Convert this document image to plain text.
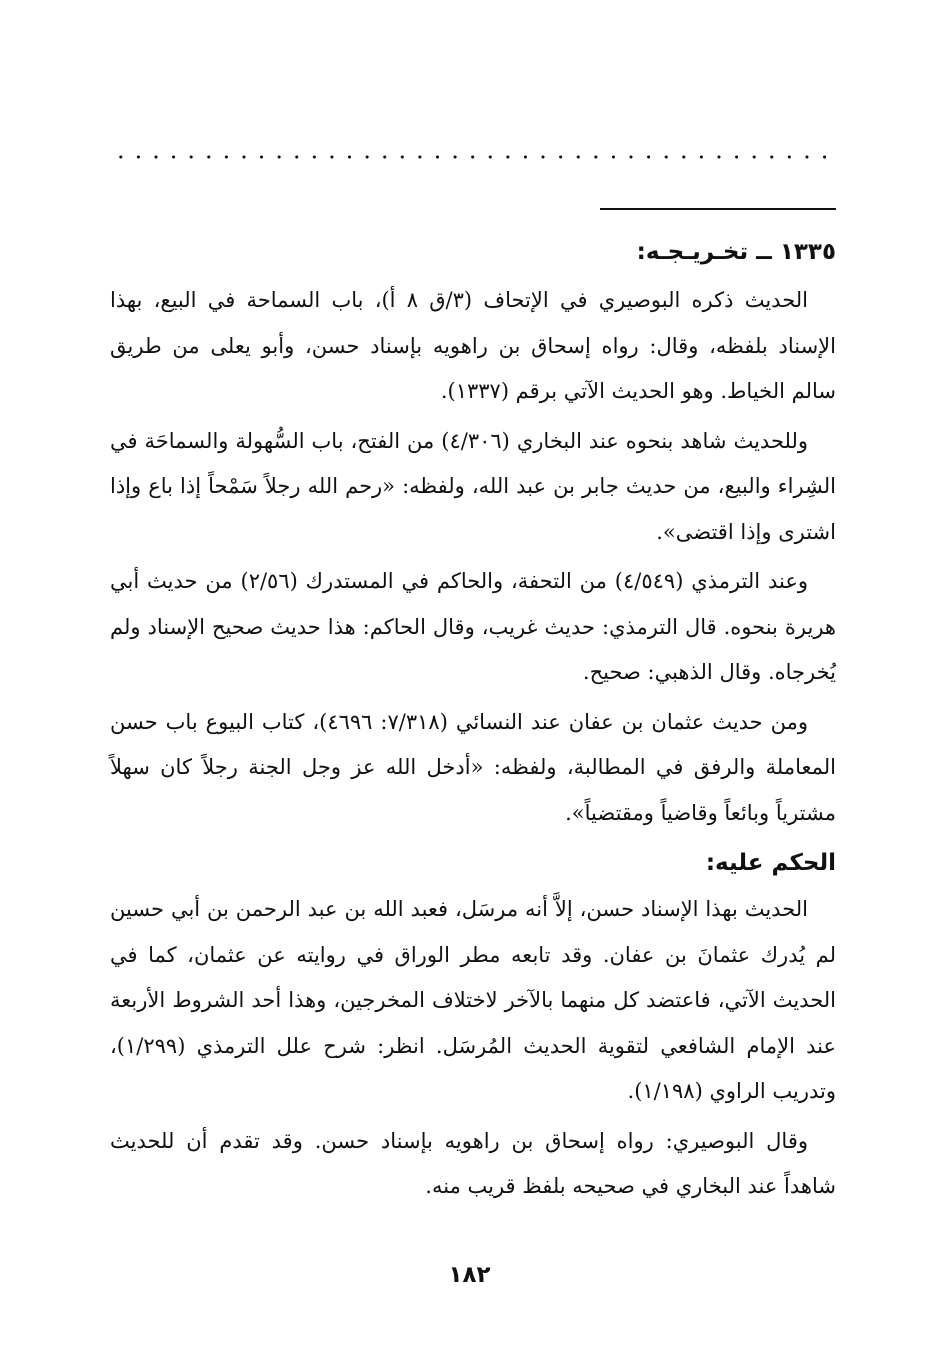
١٣٣٥ ــ تخـريـجـه:

الحديث ذكره البوصيري في الإتحاف (٣/ق ٨ أ)، باب السماحة في البيع، بهذا الإسناد بلفظه، وقال: رواه إسحاق بن راهويه بإسناد حسن، وأبو يعلى من طريق سالم الخياط. وهو الحديث الآتي برقم (١٣٣٧).

وللحديث شاهد بنحوه عند البخاري (٤/٣٠٦) من الفتح، باب السُّهولة والسماحَة في الشِراء والبيع، من حديث جابر بن عبد الله، ولفظه: «رحم الله رجلاً سَمْحاً إذا باع وإذا اشترى وإذا اقتضى».

وعند الترمذي (٤/٥٤٩) من التحفة، والحاكم في المستدرك (٢/٥٦) من حديث أبي هريرة بنحوه. قال الترمذي: حديث غريب، وقال الحاكم: هذا حديث صحيح الإسناد ولم يُخرجاه. وقال الذهبي: صحيح.

ومن حديث عثمان بن عفان عند النسائي (٧/٣١٨: ٤٦٩٦)، كتاب البيوع باب حسن المعاملة والرفق في المطالبة، ولفظه: «أدخل الله عز وجل الجنة رجلاً كان سهلاً مشترياً وبائعاً وقاضياً ومقتضياً».

الحكم عليه:

الحديث بهذا الإسناد حسن، إلاَّ أنه مرسَل، فعبد الله بن عبد الرحمن بن أبي حسين لم يُدرك عثمانَ بن عفان. وقد تابعه مطر الوراق في روايته عن عثمان، كما في الحديث الآتي، فاعتضد كل منهما بالآخر لاختلاف المخرجين، وهذا أحد الشروط الأربعة عند الإمام الشافعي لتقوية الحديث المُرسَل. انظر: شرح علل الترمذي (١/٢٩٩)، وتدريب الراوي (١/١٩٨).

وقال البوصيري: رواه إسحاق بن راهويه بإسناد حسن. وقد تقدم أن للحديث شاهداً عند البخاري في صحيحه بلفظ قريب منه.

١٨٢
